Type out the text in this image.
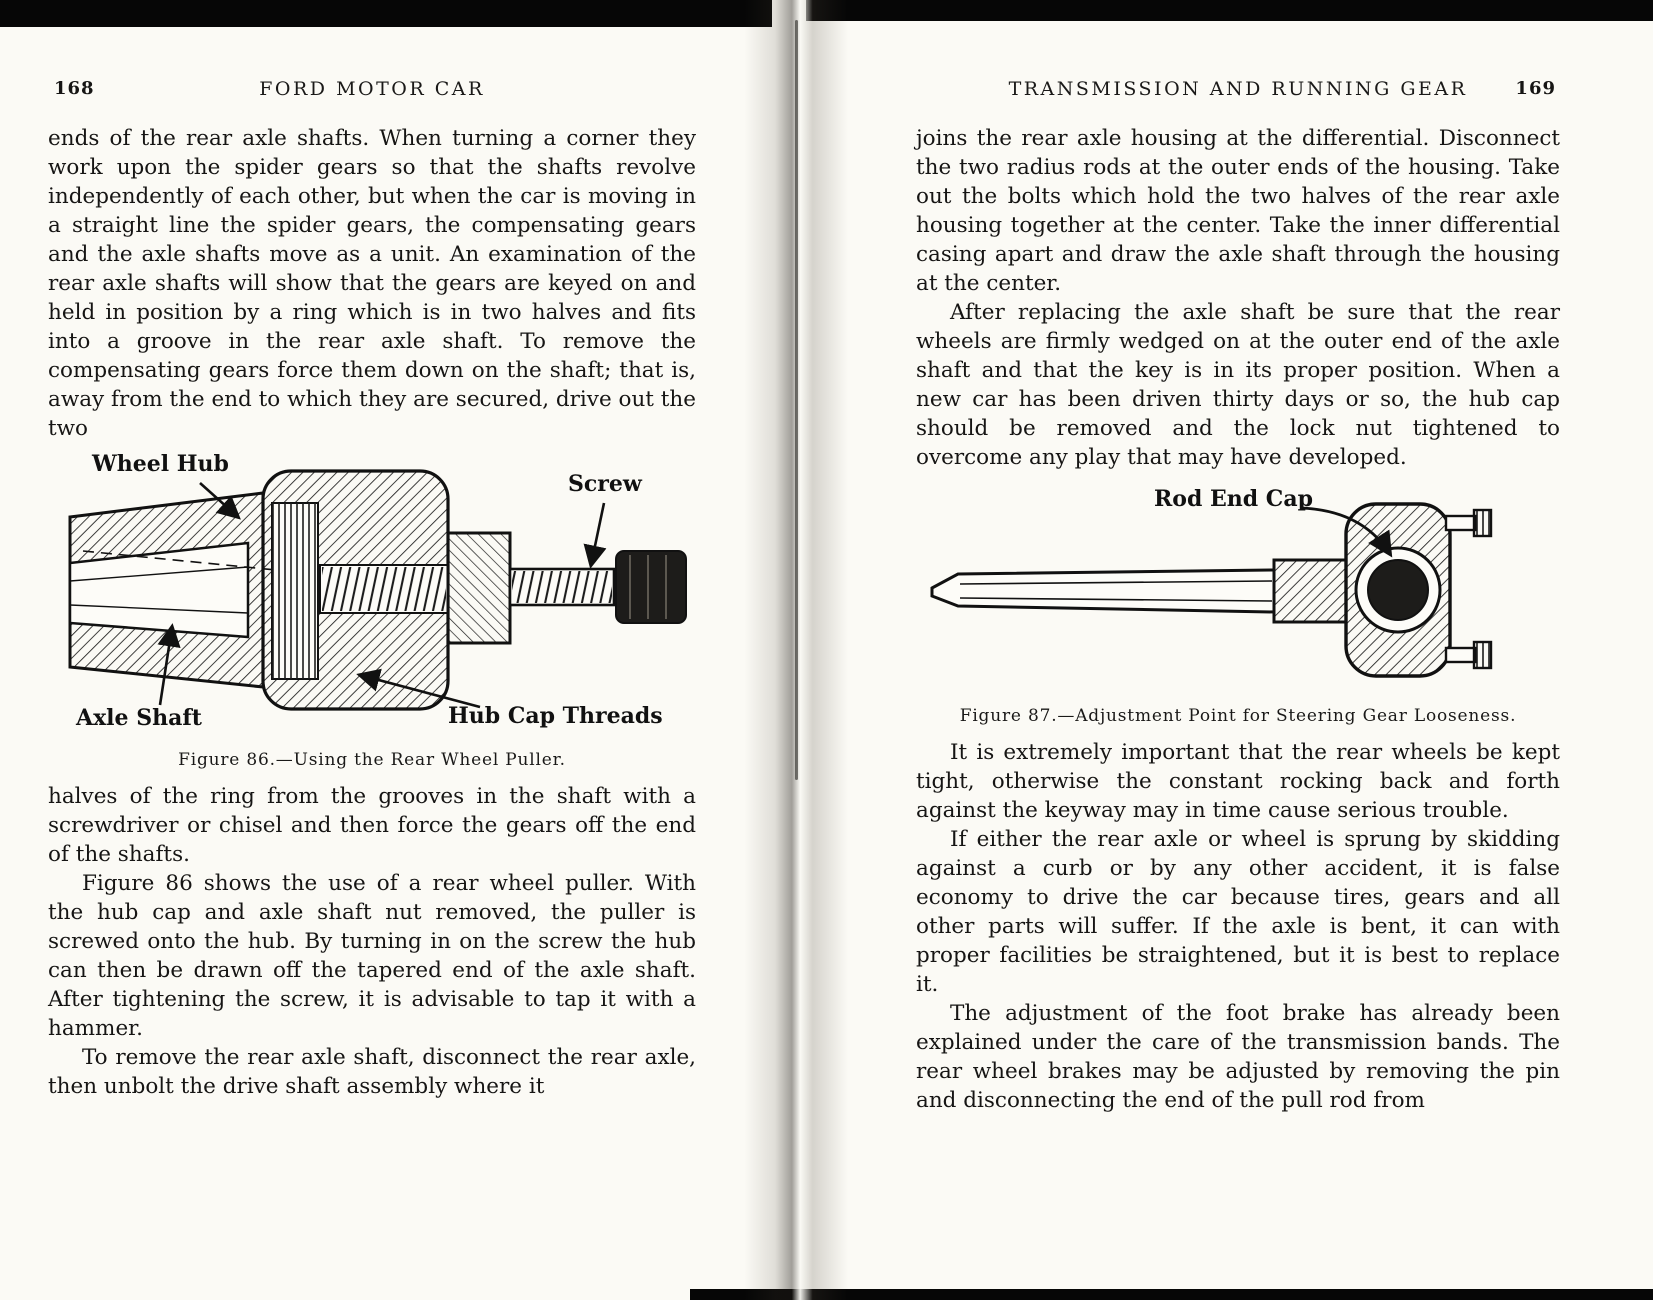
168	FORD MOTOR CAR

ends of the rear axle shafts. When turning a corner they work upon the spider gears so that the shafts revolve independently of each other, but when the car is moving in a straight line the spider gears, the compensating gears and the axle shafts move as a unit. An examination of the rear axle shafts will show that the gears are keyed on and held in position by a ring which is in two halves and fits into a groove in the rear axle shaft. To remove the compensating gears force them down on the shaft; that is, away from the end to which they are secured, drive out the two

Wheel Hub
Screw
Axle Shaft	Hub Cap Threads
Figure 86.—Using the Rear Wheel Puller.

halves of the ring from the grooves in the shaft with a screwdriver or chisel and then force the gears off the end of the shafts.

Figure 86 shows the use of a rear wheel puller. With the hub cap and axle shaft nut removed, the puller is screwed onto the hub. By turning in on the screw the hub can then be drawn off the tapered end of the axle shaft. After tightening the screw, it is advisable to tap it with a hammer.

To remove the rear axle shaft, disconnect the rear axle, then unbolt the drive shaft assembly where it

169
TRANSMISSION AND RUNNING GEAR

joins the rear axle housing at the differential. Disconnect the two radius rods at the outer ends of the housing. Take out the bolts which hold the two halves of the rear axle housing together at the center. Take the inner differential casing apart and draw the axle shaft through the housing at the center.

After replacing the axle shaft be sure that the rear wheels are firmly wedged on at the outer end of the axle shaft and that the key is in its proper position. When a new car has been driven thirty days or so, the hub cap should be removed and the lock nut tightened to overcome any play that may have developed.

Rod End Cap
Figure 87.—Adjustment Point for Steering Gear Looseness.

It is extremely important that the rear wheels be kept tight, otherwise the constant rocking back and forth against the keyway may in time cause serious trouble.

If either the rear axle or wheel is sprung by skidding against a curb or by any other accident, it is false economy to drive the car because tires, gears and all other parts will suffer. If the axle is bent, it can with proper facilities be straightened, but it is best to replace it.

The adjustment of the foot brake has already been explained under the care of the transmission bands. The rear wheel brakes may be adjusted by removing the pin and disconnecting the end of the pull rod from
